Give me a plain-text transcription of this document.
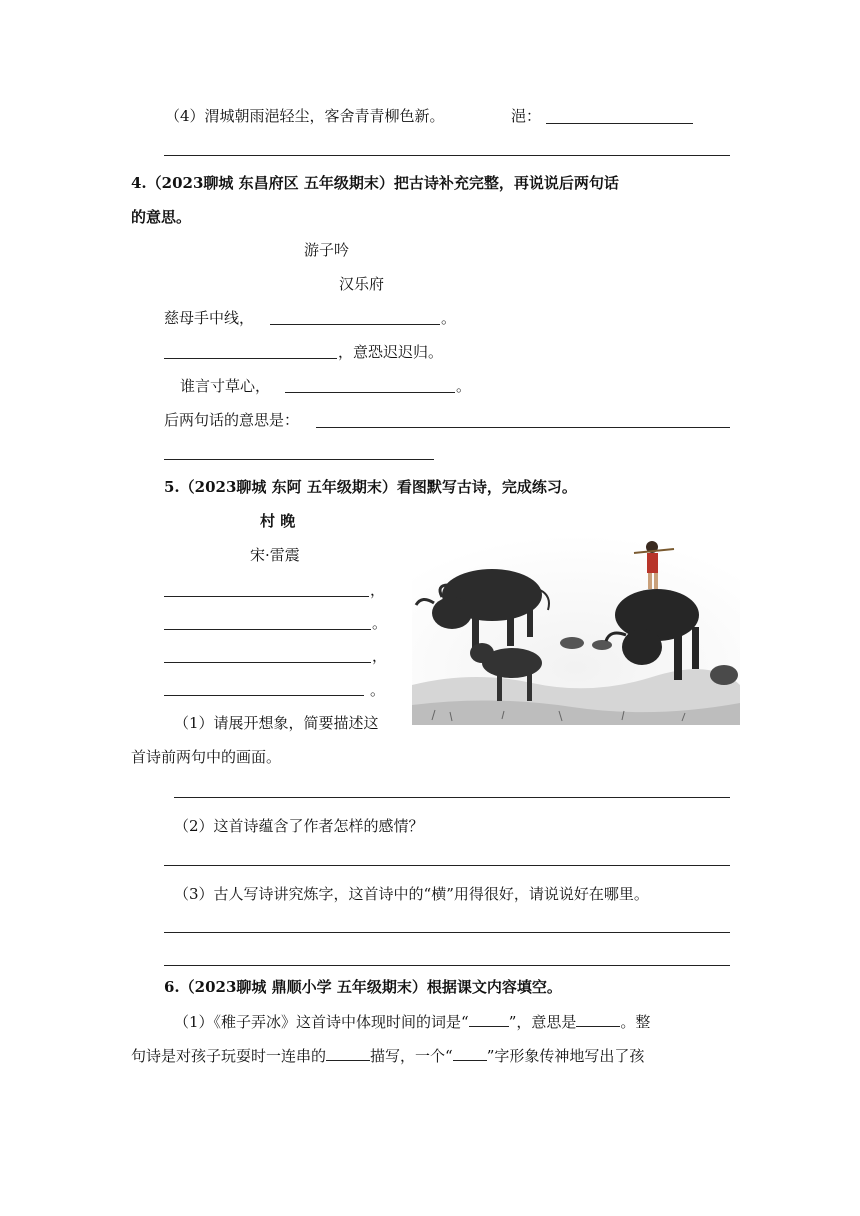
（4）渭城朝雨浥轻尘，客舍青青柳色新。	浥：
4.（2023聊城 东昌府区 五年级期末）把古诗补充完整，再说说后两句话
的意思。
游子吟
汉乐府
慈母手中线，	。
，意恐迟迟归。
谁言寸草心，	。
后两句话的意思是：
5.（2023聊城 东阿 五年级期末）看图默写古诗，完成练习。
村 晚
宋·雷震
，
。
，
。
（1）请展开想象，简要描述这
首诗前两句中的画面。
（2）这首诗蕴含了作者怎样的感情？
（3）古人写诗讲究炼字，这首诗中的“横”用得很好，请说说好在哪里。
6.（2023聊城 鼎顺小学 五年级期末）根据课文内容填空。
（1）《稚子弄冰》这首诗中体现时间的词是“	”，意思是	。整
句诗是对孩子玩耍时一连串的	描写，一个“ ”字形象传神地写出了孩
